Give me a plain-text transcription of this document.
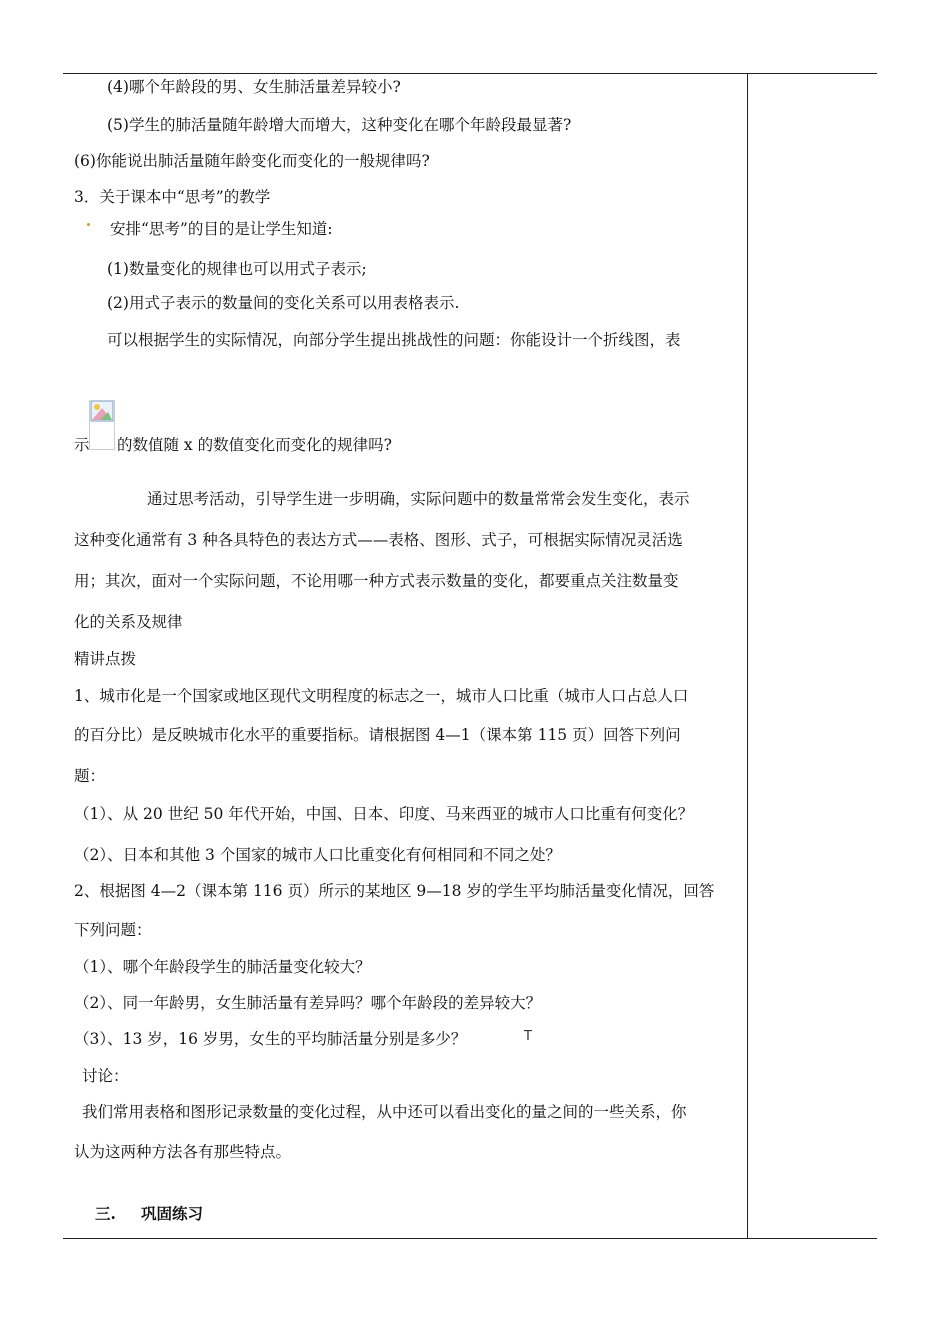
(4)哪个年龄段的男、女生肺活量差异较小?
(5)学生的肺活量随年龄增大而增大，这种变化在哪个年龄段最显著?
(6)你能说出肺活量随年龄变化而变化的一般规律吗?
3．关于课本中“思考”的教学
安排“思考”的目的是让学生知道:
(1)数量变化的规律也可以用式子表示;
(2)用式子表示的数量间的变化关系可以用表格表示.
可以根据学生的实际情况，向部分学生提出挑战性的问题：你能设计一个折线图，表
示 的数值随 x 的数值变化而变化的规律吗?
通过思考活动，引导学生进一步明确，实际问题中的数量常常会发生变化，表示
这种变化通常有 3 种各具特色的表达方式——表格、图形、式子，可根据实际情况灵活选
用；其次，面对一个实际问题，不论用哪一种方式表示数量的变化，都要重点关注数量变
化的关系及规律
精讲点拨
1、城市化是一个国家或地区现代文明程度的标志之一，城市人口比重（城市人口占总人口
的百分比）是反映城市化水平的重要指标。请根据图 4—1（课本第 115 页）回答下列问
题：
（1）、从 20 世纪 50 年代开始，中国、日本、印度、马来西亚的城市人口比重有何变化？
（2）、日本和其他 3 个国家的城市人口比重变化有何相同和不同之处？
2、根据图 4—2（课本第 116 页）所示的某地区 9—18 岁的学生平均肺活量变化情况，回答
下列问题：
（1）、哪个年龄段学生的肺活量变化较大？
（2）、同一年龄男，女生肺活量有差异吗？哪个年龄段的差异较大？
（3）、13 岁，16 岁男，女生的平均肺活量分别是多少？	T
讨论：
我们常用表格和图形记录数量的变化过程，从中还可以看出变化的量之间的一些关系，你
认为这两种方法各有那些特点。
三. 巩固练习
